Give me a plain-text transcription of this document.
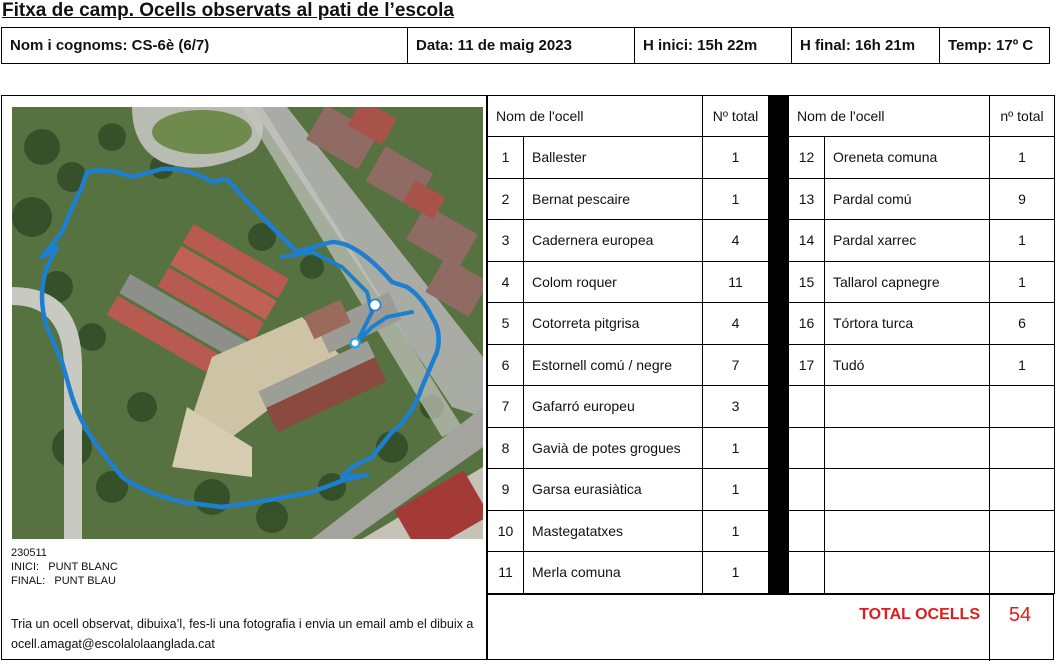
Fitxa de camp. Ocells observats al pati de l’escola
Nom i cognoms: CS-6è (6/7)	Data: 11 de maig 2023	H inici: 15h 22m	H final: 16h 21m	Temp: 17º C
230511
INICI:   PUNT BLANC
FINAL:   PUNT BLAU
Tria un ocell observat, dibuixa’l, fes-li una fotografia i envia un email amb el dibuix a ocell.amagat@escolalolaanglada.cat
Nom de l'ocell		Nº total		Nom de l'ocell		nº total
1	Ballester	1		12	Oreneta comuna	1
2	Bernat pescaire	1		13	Pardal comú	9
3	Cadernera europea	4		14	Pardal xarrec	1
4	Colom roquer	11		15	Tallarol capnegre	1
5	Cotorreta pitgrisa	4		16	Tórtora turca	6
6	Estornell comú / negre	7		17	Tudó	1
7	Gafarró europeu	3				
8	Gavià de potes grogues	1				
9	Garsa eurasiàtica	1				
10	Mastegatatxes	1				
11	Merla comuna	1				
TOTAL OCELLS	54
